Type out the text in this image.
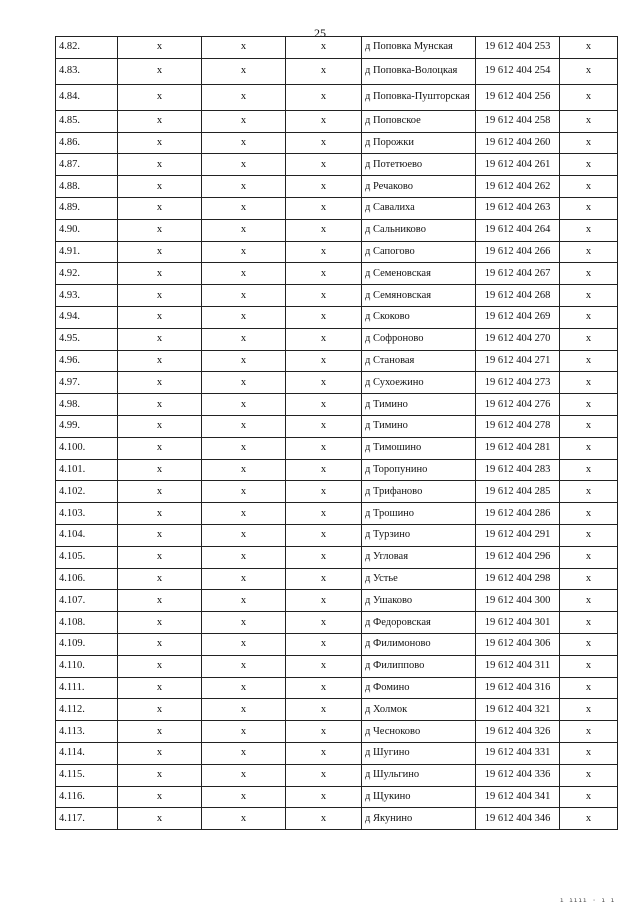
25
4.82.	х	х	х	д Поповка Мунская	19 612 404 253	х
4.83.	х	х	х	д Поповка-Волоцкая	19 612 404 254	х
4.84.	х	х	х	д Поповка-Пушторская	19 612 404 256	х
4.85.	х	х	х	д Поповское	19 612 404 258	х
4.86.	х	х	х	д Порожки	19 612 404 260	х
4.87.	х	х	х	д Потетюево	19 612 404 261	х
4.88.	х	х	х	д Речаково	19 612 404 262	х
4.89.	х	х	х	д Савалиха	19 612 404 263	х
4.90.	х	х	х	д Сальниково	19 612 404 264	х
4.91.	х	х	х	д Сапогово	19 612 404 266	х
4.92.	х	х	х	д Семеновская	19 612 404 267	х
4.93.	х	х	х	д Семяновская	19 612 404 268	х
4.94.	х	х	х	д Скоково	19 612 404 269	х
4.95.	х	х	х	д Софроново	19 612 404 270	х
4.96.	х	х	х	д Становая	19 612 404 271	х
4.97.	х	х	х	д Сухоежино	19 612 404 273	х
4.98.	х	х	х	д Тимино	19 612 404 276	х
4.99.	х	х	х	д Тимино	19 612 404 278	х
4.100.	х	х	х	д Тимошино	19 612 404 281	х
4.101.	х	х	х	д Торопунино	19 612 404 283	х
4.102.	х	х	х	д Трифаново	19 612 404 285	х
4.103.	х	х	х	д Трошино	19 612 404 286	х
4.104.	х	х	х	д Турзино	19 612 404 291	х
4.105.	х	х	х	д Угловая	19 612 404 296	х
4.106.	х	х	х	д Устье	19 612 404 298	х
4.107.	х	х	х	д Ушаково	19 612 404 300	х
4.108.	х	х	х	д Федоровская	19 612 404 301	х
4.109.	х	х	х	д Филимоново	19 612 404 306	х
4.110.	х	х	х	д Филиппово	19 612 404 311	х
4.111.	х	х	х	д Фомино	19 612 404 316	х
4.112.	х	х	х	д Холмок	19 612 404 321	х
4.113.	х	х	х	д Чесноково	19 612 404 326	х
4.114.	х	х	х	д Шугино	19 612 404 331	х
4.115.	х	х	х	д Шульгино	19 612 404 336	х
4.116.	х	х	х	д Щукино	19 612 404 341	х
4.117.	х	х	х	д Якунино	19 612 404 346	х
ı ıııı · ı ı
